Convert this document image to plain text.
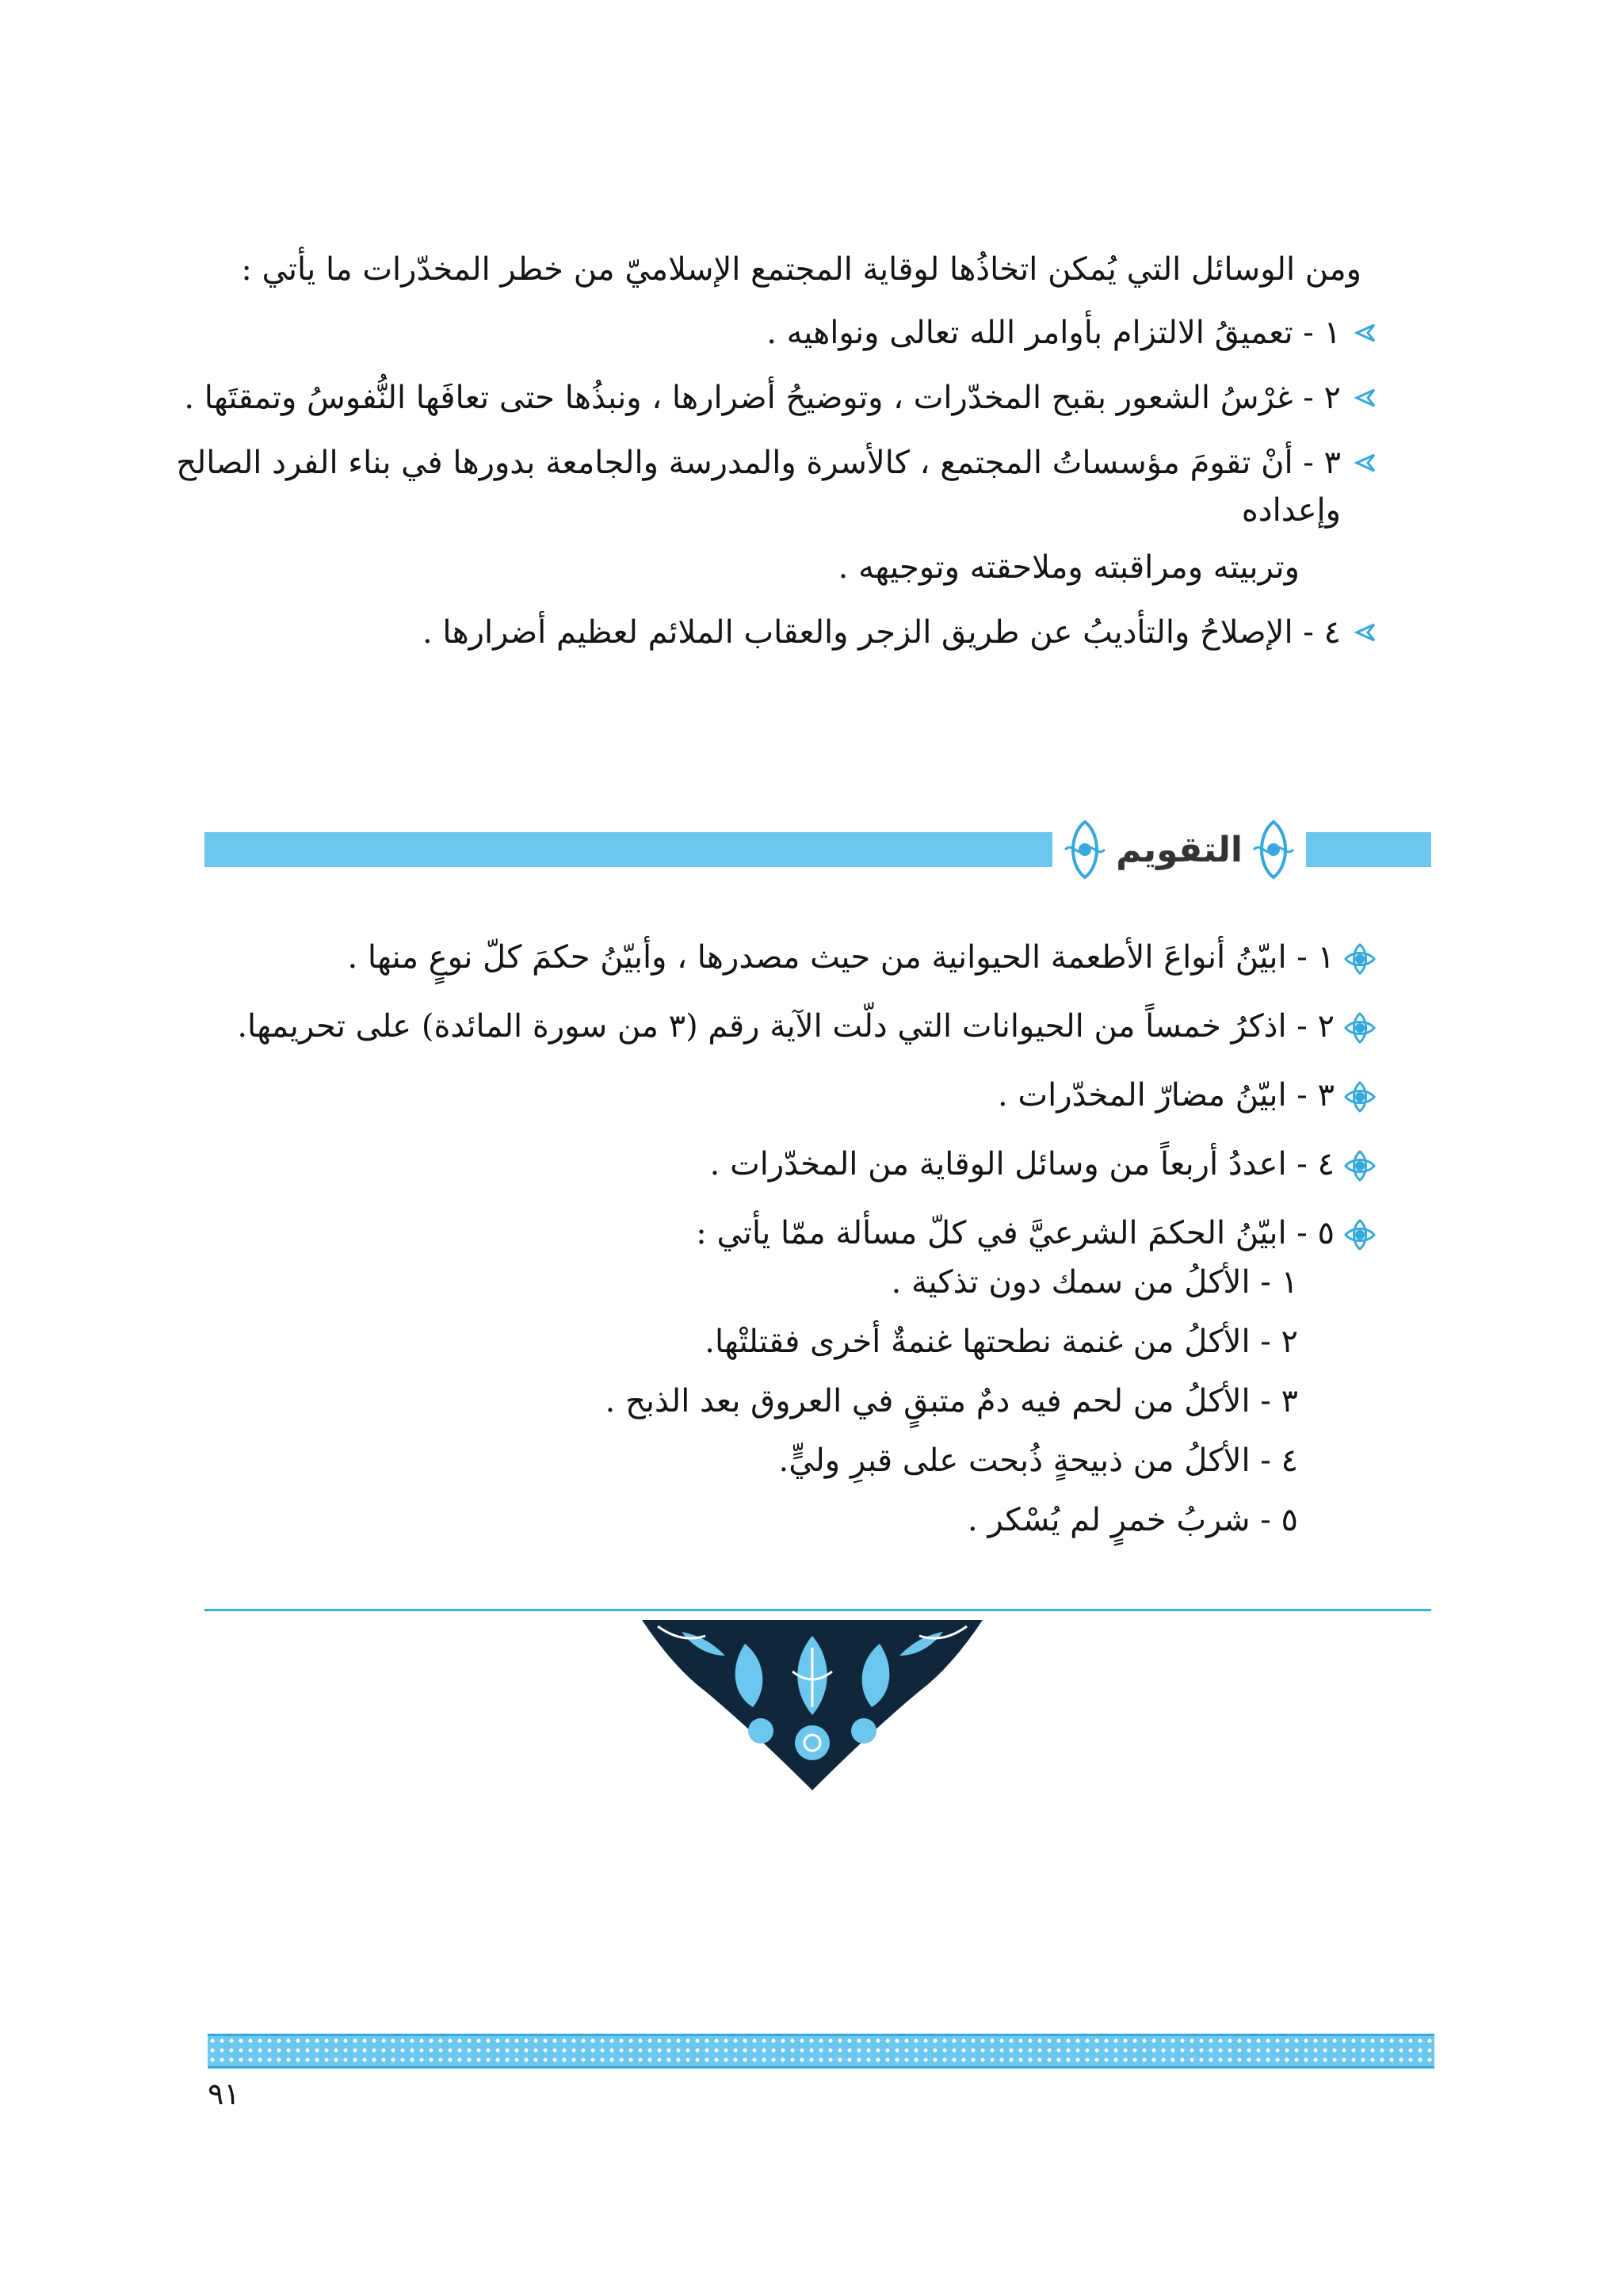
ومن الوسائل التي يُمكن اتخاذُها لوقاية المجتمع الإسلاميّ من خطر المخدّرات ما يأتي :
١ - تعميقُ الالتزام بأوامر الله تعالى ونواهيه .
٢ - غرْسُ الشعور بقبح المخدّرات ، وتوضيحُ أضرارها ، ونبذُها حتى تعافَها النُّفوسُ وتمقتَها .
٣ - أنْ تقومَ مؤسساتُ المجتمع ، كالأسرة والمدرسة والجامعة بدورها في بناء الفرد الصالح وإعداده
وتربيته ومراقبته وملاحقته وتوجيهه .
٤ - الإصلاحُ والتأديبُ عن طريق الزجر والعقاب الملائم لعظيم أضرارها .
التقويم
١ - ابيّنُ أنواعَ الأطعمة الحيوانية من حيث مصدرها ، وأبيّنُ حكمَ كلّ نوعٍ منها .
٢ - اذكرُ خمساً من الحيوانات التي دلّت الآية رقم (٣ من سورة المائدة) على تحريمها.
٣ - ابيّنُ مضارّ المخدّرات .
٤ - اعددُ أربعاً من وسائل الوقاية من المخدّرات .
٥ - ابيّنُ الحكمَ الشرعيَّ في كلّ مسألة ممّا يأتي :
١ - الأكلُ من سمك دون تذكية .
٢ - الأكلُ من غنمة نطحتها غنمةٌ أخرى فقتلتْها.
٣ - الأكلُ من لحم فيه دمٌ متبقٍ في العروق بعد الذبح .
٤ - الأكلُ من ذبيحةٍ ذُبحت على قبرِ وليٍّ.
٥ - شربُ خمرٍ لم يُسْكر .
٩١
